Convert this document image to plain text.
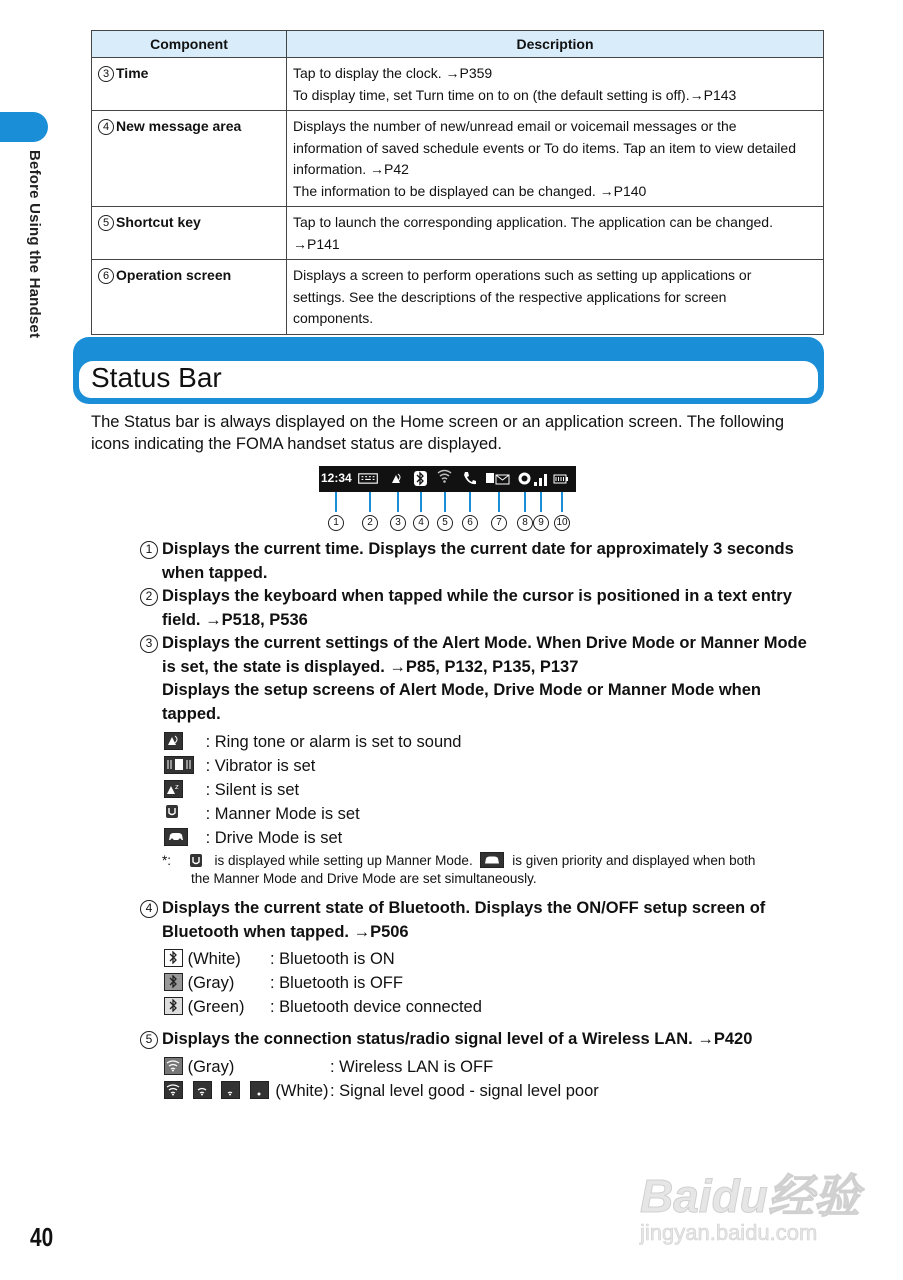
Before Using the Handset
40
Component	Description
3 Time	Tap to display the clock. →P359
To display time, set Turn time on to on (the default setting is off).→P143

4 New message area	Displays the number of new/unread email or voicemail messages or the
information of saved schedule events or To do items. Tap an item to view detailed
information. →P42
The information to be displayed can be changed. →P140

5 Shortcut key	Tap to launch the corresponding application. The application can be changed.
→P141

6 Operation screen	Displays a screen to perform operations such as setting up applications or
settings. See the descriptions of the respective applications for screen
components.
Status Bar
The Status bar is always displayed on the Home screen or an application screen. The following icons indicating the FOMA handset status are displayed.
12:34
1	2	3	4	5	6	7	8	9	10
1 Displays the current time. Displays the current date for approximately 3 seconds

when tapped.

2 Displays the keyboard when tapped while the cursor is positioned in a text entry

field. →P518, P536

3 Displays the current settings of the Alert Mode. When Drive Mode or Manner Mode

is set, the state is displayed. →P85, P132, P135, P137

Displays the setup screens of Alert Mode, Drive Mode or Manner Mode when

tapped.

: Ring tone or alarm is set to sound
: Vibrator is set
z : Silent is set
: Manner Mode is set
: Drive Mode is set
*:	is displayed while setting up Manner Mode.	is given priority and displayed when both
the Manner Mode and Drive Mode are set simultaneously.
4 Displays the current state of Bluetooth. Displays the ON/OFF setup screen of

Bluetooth when tapped. →P506

(White) : Bluetooth is ON
(Gray) : Bluetooth is OFF
(Green) : Bluetooth device connected
5 Displays the connection status/radio signal level of a Wireless LAN. →P420

(Gray)	: Wireless LAN is OFF

(White) : Signal level good - signal level poor
Baidu经验
jingyan.baidu.com
